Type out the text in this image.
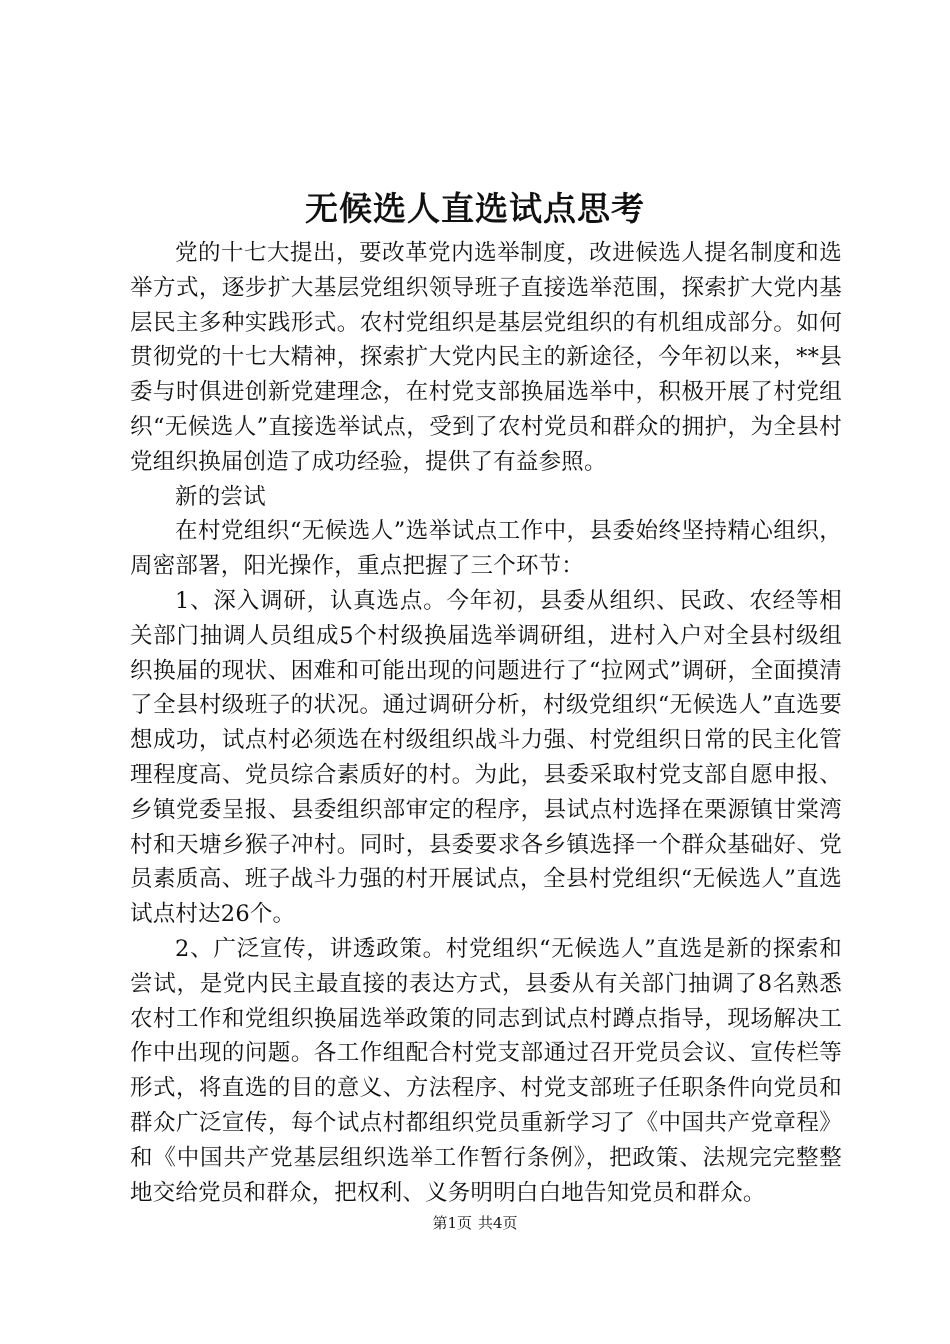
无候选人直选试点思考

党的十七大提出，要改革党内选举制度，改进候选人提名制度和选举方式，逐步扩大基层党组织领导班子直接选举范围，探索扩大党内基层民主多种实践形式。农村党组织是基层党组织的有机组成部分。如何贯彻党的十七大精神，探索扩大党内民主的新途径，今年初以来，**县委与时俱进创新党建理念，在村党支部换届选举中，积极开展了村党组织“无候选人”直接选举试点，受到了农村党员和群众的拥护，为全县村党组织换届创造了成功经验，提供了有益参照。

新的尝试

在村党组织“无候选人”选举试点工作中，县委始终坚持精心组织，周密部署，阳光操作，重点把握了三个环节：

1、深入调研，认真选点。今年初，县委从组织、民政、农经等相关部门抽调人员组成5个村级换届选举调研组，进村入户对全县村级组织换届的现状、困难和可能出现的问题进行了“拉网式”调研，全面摸清了全县村级班子的状况。通过调研分析，村级党组织“无候选人”直选要想成功，试点村必须选在村级组织战斗力强、村党组织日常的民主化管理程度高、党员综合素质好的村。为此，县委采取村党支部自愿申报、乡镇党委呈报、县委组织部审定的程序，县试点村选择在栗源镇甘棠湾村和天塘乡猴子冲村。同时，县委要求各乡镇选择一个群众基础好、党员素质高、班子战斗力强的村开展试点，全县村党组织“无候选人”直选试点村达26个。

2、广泛宣传，讲透政策。村党组织“无候选人”直选是新的探索和尝试，是党内民主最直接的表达方式，县委从有关部门抽调了8名熟悉农村工作和党组织换届选举政策的同志到试点村蹲点指导，现场解决工作中出现的问题。各工作组配合村党支部通过召开党员会议、宣传栏等形式，将直选的目的意义、方法程序、村党支部班子任职条件向党员和群众广泛宣传，每个试点村都组织党员重新学习了《中国共产党章程》和《中国共产党基层组织选举工作暂行条例》，把政策、法规完完整整地交给党员和群众，把权利、义务明明白白地告知党员和群众。

第1页 共4页
